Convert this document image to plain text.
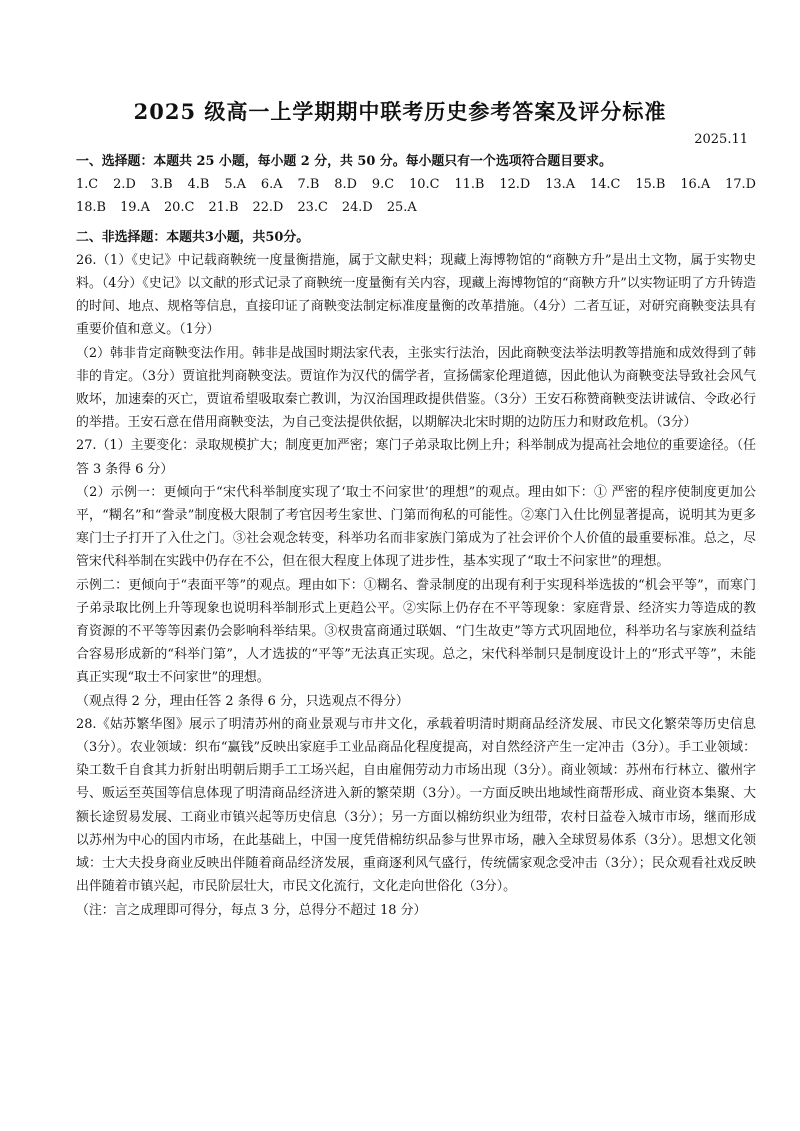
2025 级高一上学期期中联考历史参考答案及评分标准
2025.11

一、选择题：本题共 25 小题，每小题 2 分，共 50 分。每小题只有一个选项符合题目要求。

1.C 2.D 3.B 4.B 5.A 6.A 7.B 8.D 9.C 10.C 11.B 12.D 13.A 14.C 15.B 16.A 17.D 18.B 19.A 20.C 21.B 22.D 23.C 24.D 25.A

二、非选择题：本题共3小题，共50分。

26.（1）《史记》中记载商鞅统一度量衡措施，属于文献史料；现藏上海博物馆的“商鞅方升”是出土文物，属于实物史料。（4分）《史记》以文献的形式记录了商鞅统一度量衡有关内容，现藏上海博物馆的“商鞅方升”以实物证明了方升铸造的时间、地点、规格等信息，直接印证了商鞅变法制定标准度量衡的改革措施。（4分）二者互证，对研究商鞅变法具有重要价值和意义。（1分）

（2）韩非肯定商鞅变法作用。韩非是战国时期法家代表，主张实行法治，因此商鞅变法举法明教等措施和成效得到了韩非的肯定。（3分）贾谊批判商鞅变法。贾谊作为汉代的儒学者，宣扬儒家伦理道德，因此他认为商鞅变法导致社会风气败坏，加速秦的灭亡，贾谊希望吸取秦亡教训，为汉治国理政提供借鉴。（3分）王安石称赞商鞅变法讲诚信、令政必行的举措。王安石意在借用商鞅变法，为自己变法提供依据，以期解决北宋时期的边防压力和财政危机。（3分）

27.（1）主要变化：录取规模扩大；制度更加严密；寒门子弟录取比例上升；科举制成为提高社会地位的重要途径。（任答 3 条得 6 分）

（2）示例一：更倾向于“宋代科举制度实现了‘取士不问家世’的理想”的观点。理由如下：① 严密的程序使制度更加公平，“糊名”和“誊录”制度极大限制了考官因考生家世、门第而徇私的可能性。②寒门入仕比例显著提高，说明其为更多寒门士子打开了入仕之门。③社会观念转变，科举功名而非家族门第成为了社会评价个人价值的最重要标准。总之，尽管宋代科举制在实践中仍存在不公，但在很大程度上体现了进步性，基本实现了“取士不问家世”的理想。

示例二：更倾向于“表面平等”的观点。理由如下：①糊名、誊录制度的出现有利于实现科举选拔的“机会平等”，而寒门子弟录取比例上升等现象也说明科举制形式上更趋公平。②实际上仍存在不平等现象：家庭背景、经济实力等造成的教育资源的不平等等因素仍会影响科举结果。③权贵富商通过联姻、“门生故吏”等方式巩固地位，科举功名与家族利益结合容易形成新的“科举门第”，人才选拔的“平等”无法真正实现。总之，宋代科举制只是制度设计上的“形式平等”，未能真正实现“取士不问家世”的理想。

（观点得 2 分，理由任答 2 条得 6 分，只选观点不得分）

28.《姑苏繁华图》展示了明清苏州的商业景观与市井文化，承载着明清时期商品经济发展、市民文化繁荣等历史信息（3分）。农业领域：织布“赢钱”反映出家庭手工业品商品化程度提高，对自然经济产生一定冲击（3分）。手工业领域：染工数千自食其力折射出明朝后期手工工场兴起，自由雇佣劳动力市场出现（3分）。商业领域：苏州布行林立、徽州字号、贩运至英国等信息体现了明清商品经济进入新的繁荣期（3分）。一方面反映出地域性商帮形成、商业资本集聚、大额长途贸易发展、工商业市镇兴起等历史信息（3分）；另一方面以棉纺织业为纽带，农村日益卷入城市市场，继而形成以苏州为中心的国内市场，在此基础上，中国一度凭借棉纺织品参与世界市场，融入全球贸易体系（3分）。思想文化领域：士大夫投身商业反映出伴随着商品经济发展，重商逐利风气盛行，传统儒家观念受冲击（3分）；民众观看社戏反映出伴随着市镇兴起，市民阶层壮大，市民文化流行，文化走向世俗化（3分）。

（注：言之成理即可得分，每点 3 分，总得分不超过 18 分）
